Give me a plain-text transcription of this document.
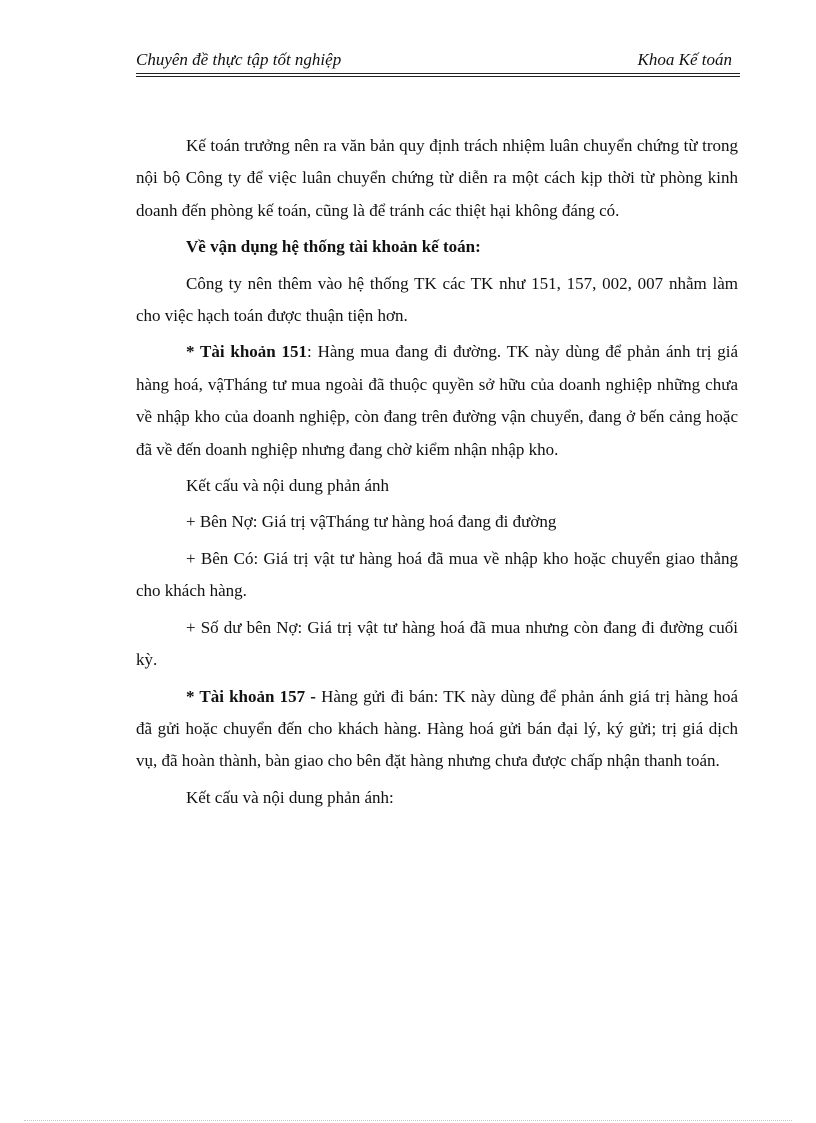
Chuyên đề thực tập tốt nghiệp	Khoa Kế toán

Kế toán trưởng nên ra văn bản quy định trách nhiệm luân chuyển chứng từ trong nội bộ Công ty để việc luân chuyển chứng từ diễn ra một cách kịp thời từ phòng kinh doanh đến phòng kế toán, cũng là để tránh các thiệt hại không đáng có.

Về vận dụng hệ thống tài khoản kế toán:

Công ty nên thêm vào hệ thống TK các TK như 151, 157, 002, 007 nhằm làm cho việc hạch toán được thuận tiện hơn.

* Tài khoản 151: Hàng mua đang đi đường. TK này dùng để phản ánh trị giá hàng hoá, vậTháng tư mua ngoài đã thuộc quyền sở hữu của doanh nghiệp những chưa về nhập kho của doanh nghiệp, còn đang trên đường vận chuyển, đang ở bến cảng hoặc đã về đến doanh nghiệp nhưng đang chờ kiểm nhận nhập kho.

Kết cấu và nội dung phản ánh

+ Bên Nợ: Giá trị vậTháng tư hàng hoá đang đi đường

+ Bên Có: Giá trị vật tư hàng hoá đã mua về nhập kho hoặc chuyển giao thẳng cho khách hàng.

+ Số dư bên Nợ: Giá trị vật tư hàng hoá đã mua nhưng còn đang đi đường cuối kỳ.

* Tài khoản 157 - Hàng gửi đi bán: TK này dùng để phản ánh giá trị hàng hoá đã gửi hoặc chuyển đến cho khách hàng. Hàng hoá gửi bán đại lý, ký gửi; trị giá dịch vụ, đã hoàn thành, bàn giao cho bên đặt hàng nhưng chưa được chấp nhận thanh toán.

Kết cấu và nội dung phản ánh:
